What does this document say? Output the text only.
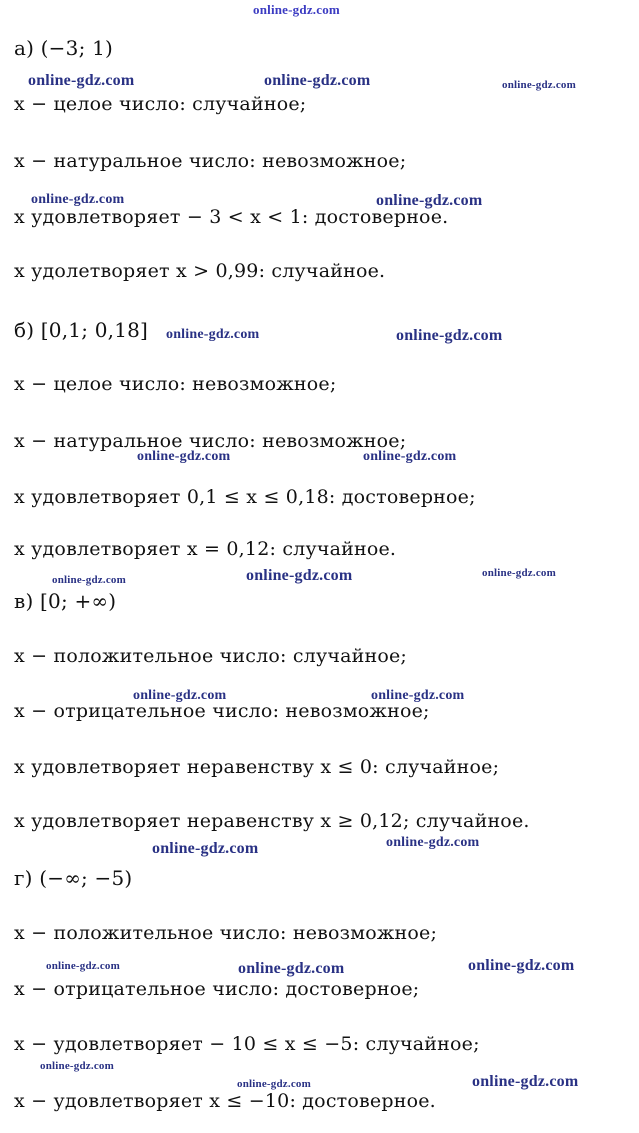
а) (−3; 1)
x − целое число: случайное;
x − натуральное число: невозможное;
x удовлетворяет − 3 < x < 1: достоверное.
x удолетворяет x > 0,99: случайное.
б) [0,1; 0,18]
x − целое число: невозможное;
x − натуральное число: невозможное;
x удовлетворяет 0,1 ≤ x ≤ 0,18: достоверное;
x удовлетворяет x = 0,12: случайное.
в) [0; +∞)
x − положительное число: случайное;
x − отрицательное число: невозможное;
x удовлетворяет неравенству x ≤ 0: случайное;
x удовлетворяет неравенству x ≥ 0,12; случайное.
г) (−∞; −5)
x − положительное число: невозможное;
x − отрицательное число: достоверное;
x − удовлетворяет − 10 ≤ x ≤ −5: случайное;
x − удовлетворяет x ≤ −10: достоверное.
online-gdz.com
online-gdz.com	online-gdz.com	online-gdz.com
online-gdz.com	online-gdz.com
online-gdz.com	online-gdz.com
online-gdz.com	online-gdz.com
online-gdz.com	online-gdz.com	online-gdz.com
online-gdz.com	online-gdz.com
online-gdz.com	online-gdz.com
online-gdz.com	online-gdz.com	online-gdz.com
online-gdz.com
online-gdz.com	online-gdz.com
